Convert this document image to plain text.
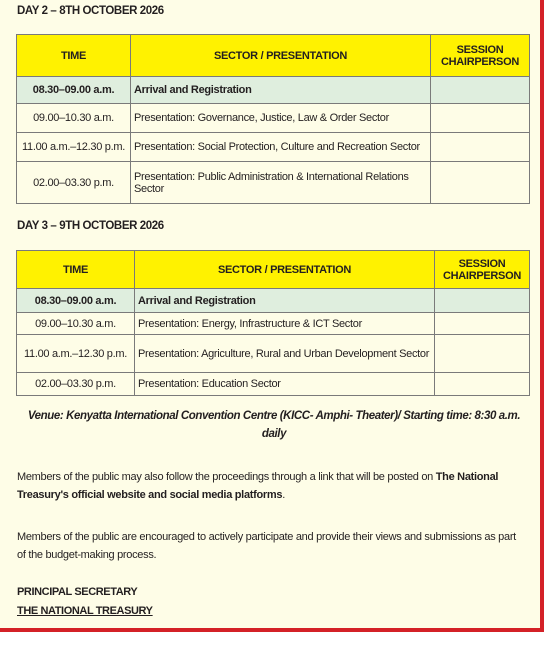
DAY 2 – 8TH OCTOBER 2026
TIME	SECTOR / PRESENTATION	SESSION CHAIRPERSON
08.30–09.00 a.m.	Arrival and Registration	
09.00–10.30 a.m.	Presentation: Governance, Justice, Law & Order Sector	
11.00 a.m.–12.30 p.m.	Presentation: Social Protection, Culture and Recreation Sector	
02.00–03.30 p.m.	Presentation: Public Administration & International Relations Sector	
DAY 3 – 9TH OCTOBER 2026
TIME	SECTOR / PRESENTATION	SESSION CHAIRPERSON
08.30–09.00 a.m.	Arrival and Registration	
09.00–10.30 a.m.	Presentation: Energy, Infrastructure & ICT Sector	
11.00 a.m.–12.30 p.m.	Presentation: Agriculture, Rural and Urban Development Sector	
02.00–03.30 p.m.	Presentation: Education Sector	
Venue: Kenyatta International Convention Centre (KICC- Amphi- Theater)/ Starting time: 8:30 a.m. daily
Members of the public may also follow the proceedings through a link that will be posted on The National Treasury's official website and social media platforms.
Members of the public are encouraged to actively participate and provide their views and submissions as part of the budget-making process.
PRINCIPAL SECRETARY
THE NATIONAL TREASURY
